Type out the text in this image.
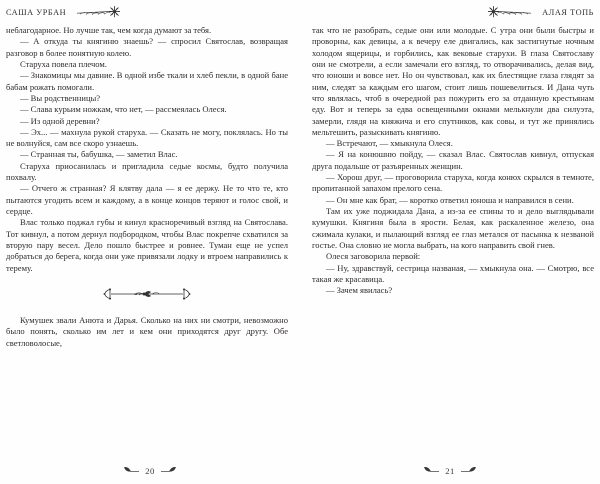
САША УРБАН

неблагодарное. Но лучше так, чем когда думают за тебя.

— А откуда ты княгиню знаешь? — спросил Святослав, возвращая разговор в более понятную колею.

Старуха повела плечом.

— Знакомицы мы давние. В одной избе ткали и хлеб пекли, в одной бане бабам рожать помогали.

— Вы родственницы?

— Слава курьим ножкам, что нет, — рассмеялась Олеся.

— Из одной деревни?

— Эх... — махнула рукой старуха. — Сказать не могу, поклялась. Но ты не волнуйся, сам все скоро узнаешь.

— Странная ты, бабушка, — заметил Влас.

Старуха приосанилась и пригладила седые космы, будто получила похвалу.

— Отчего ж странная? Я клятву дала — я ее держу. Не то что те, кто пытаются угодить всем и каждому, а в конце концов теряют и голос свой, и сердце.

Влас только поджал губы и кинул красноречивый взгляд на Святослава. Тот кивнул, а потом дернул подбородком, чтобы Влас покрепче схватился за вторую пару весел. Дело пошло быстрее и ровнее. Туман еще не успел добраться до берега, когда они уже привязали лодку и втроем направились к терему.

Кумушек звали Анюта и Дарья. Сколько на них ни смотри, невозможно было понять, сколько им лет и кем они приходятся друг другу. Обе светловолосые,

20
АЛАЯ ТОПЬ

так что не разобрать, седые они или молодые. С утра они были быстры и проворны, как девицы, а к вечеру еле двигались, как застигнутые ночным холодом ящерицы, и горбились, как вековые старухи. В глаза Святославу они не смотрели, а если замечали его взгляд, то отворачивались, делая вид, что юноши и вовсе нет. Но он чувствовал, как их блестящие глаза глядят за ним, следят за каждым его шагом, стоит лишь пошевелиться. И Дана чуть что являлась, чтоб в очередной раз пожурить его за отданную крестьянам еду. Вот и теперь за едва освещенными окнами мелькнули два силуэта, замерли, глядя на княжича и его спутников, как совы, и тут же принялись мельтешить, разыскивать княгиню.

— Встречают, — хмыкнула Олеся.

— Я на конюшню пойду, — сказал Влас. Святослав кивнул, отпуская друга подальше от разъяренных женщин.

— Хорош друг, — проговорила старуха, когда конюх скрылся в темноте, пропитанной запахом прелого сена.

— Он мне как брат, — коротко ответил юноша и направился в сени.

Там их уже поджидала Дана, а из-за ее спины то и дело выглядывали кумушки. Княгиня была в ярости. Белая, как раскаленное железо, она сжимала кулаки, и пылающий взгляд ее глаз метался от пасынка к незваной гостье. Она словно не могла выбрать, на кого направить свой гнев.

Олеся заговорила первой:

— Ну, здравствуй, сестрица названая, — хмыкнула она. — Смотрю, все такая же красавица.

— Зачем явилась?

21
